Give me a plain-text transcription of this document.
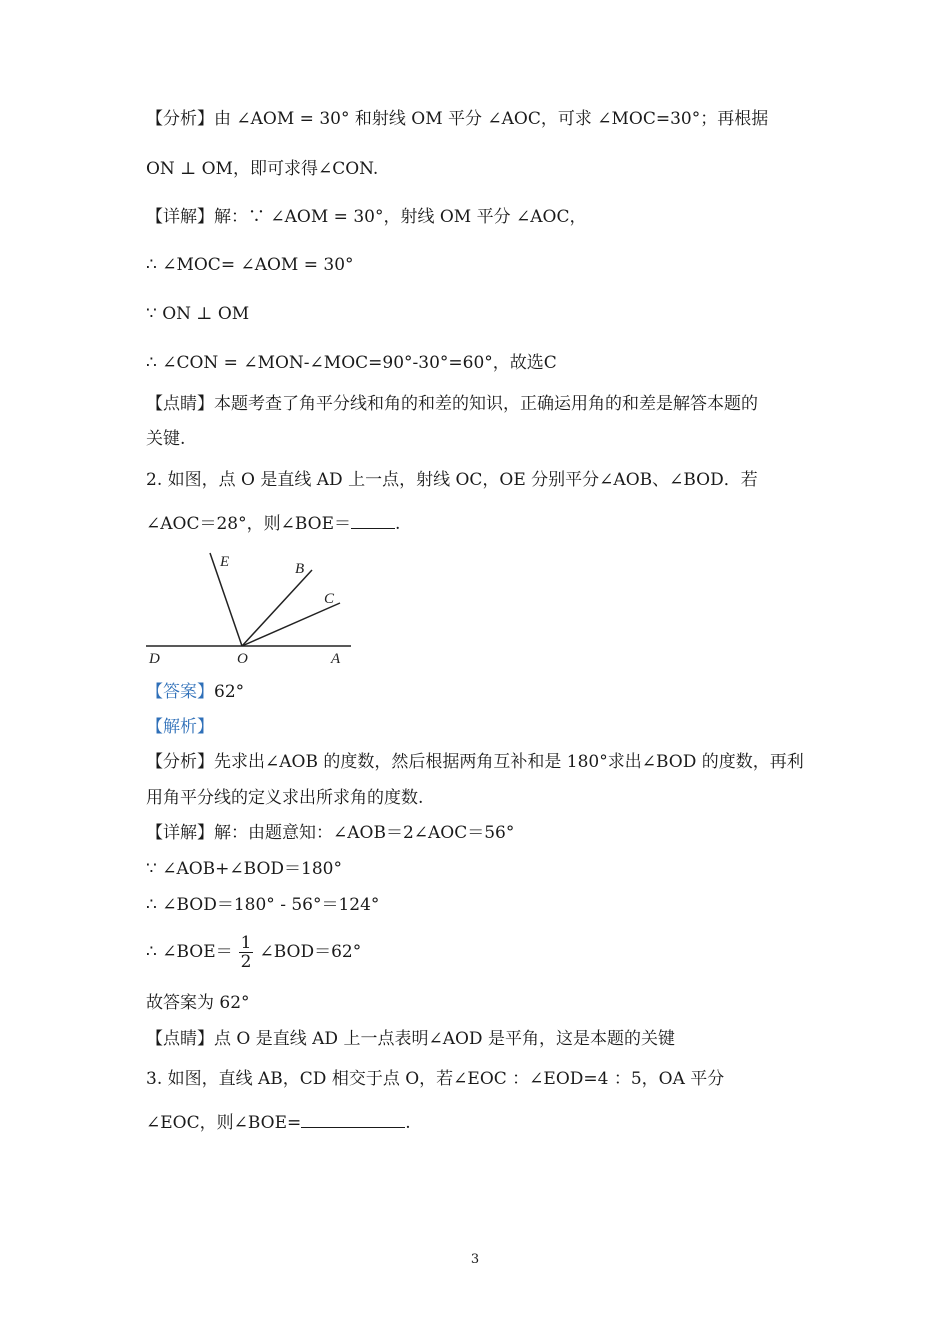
【分析】由 ∠AOM = 30° 和射线 OM 平分 ∠AOC，可求 ∠MOC=30°；再根据
ON ⊥ OM，即可求得∠CON.
【详解】解：∵ ∠AOM = 30°，射线 OM 平分 ∠AOC，
∴ ∠MOC= ∠AOM = 30°
∵ ON ⊥ OM
∴ ∠CON = ∠MON-∠MOC=90°-30°=60°，故选C
【点睛】本题考查了角平分线和角的和差的知识，正确运用角的和差是解答本题的
关键.
2. 如图，点 O 是直线 AD 上一点，射线 OC，OE 分别平分∠AOB、∠BOD．若
∠AOC＝28°，则∠BOE＝	.
E	B
C
D	O	A
【答案】62°
【解析】
【分析】先求出∠AOB 的度数，然后根据两角互补和是 180°求出∠BOD 的度数，再利
用角平分线的定义求出所求角的度数.
【详解】解：由题意知：∠AOB＝2∠AOC＝56°
∵ ∠AOB+∠BOD＝180°
∴ ∠BOD＝180° - 56°＝124°
∴ ∠BOE＝ $\frac{1}{2}$ ∠BOD＝62°
故答案为 62°
【点睛】点 O 是直线 AD 上一点表明∠AOD 是平角，这是本题的关键
3. 如图，直线 AB，CD 相交于点 O，若∠EOC ：∠EOD=4 ：5，OA 平分
∠EOC，则∠BOE=	.
3
